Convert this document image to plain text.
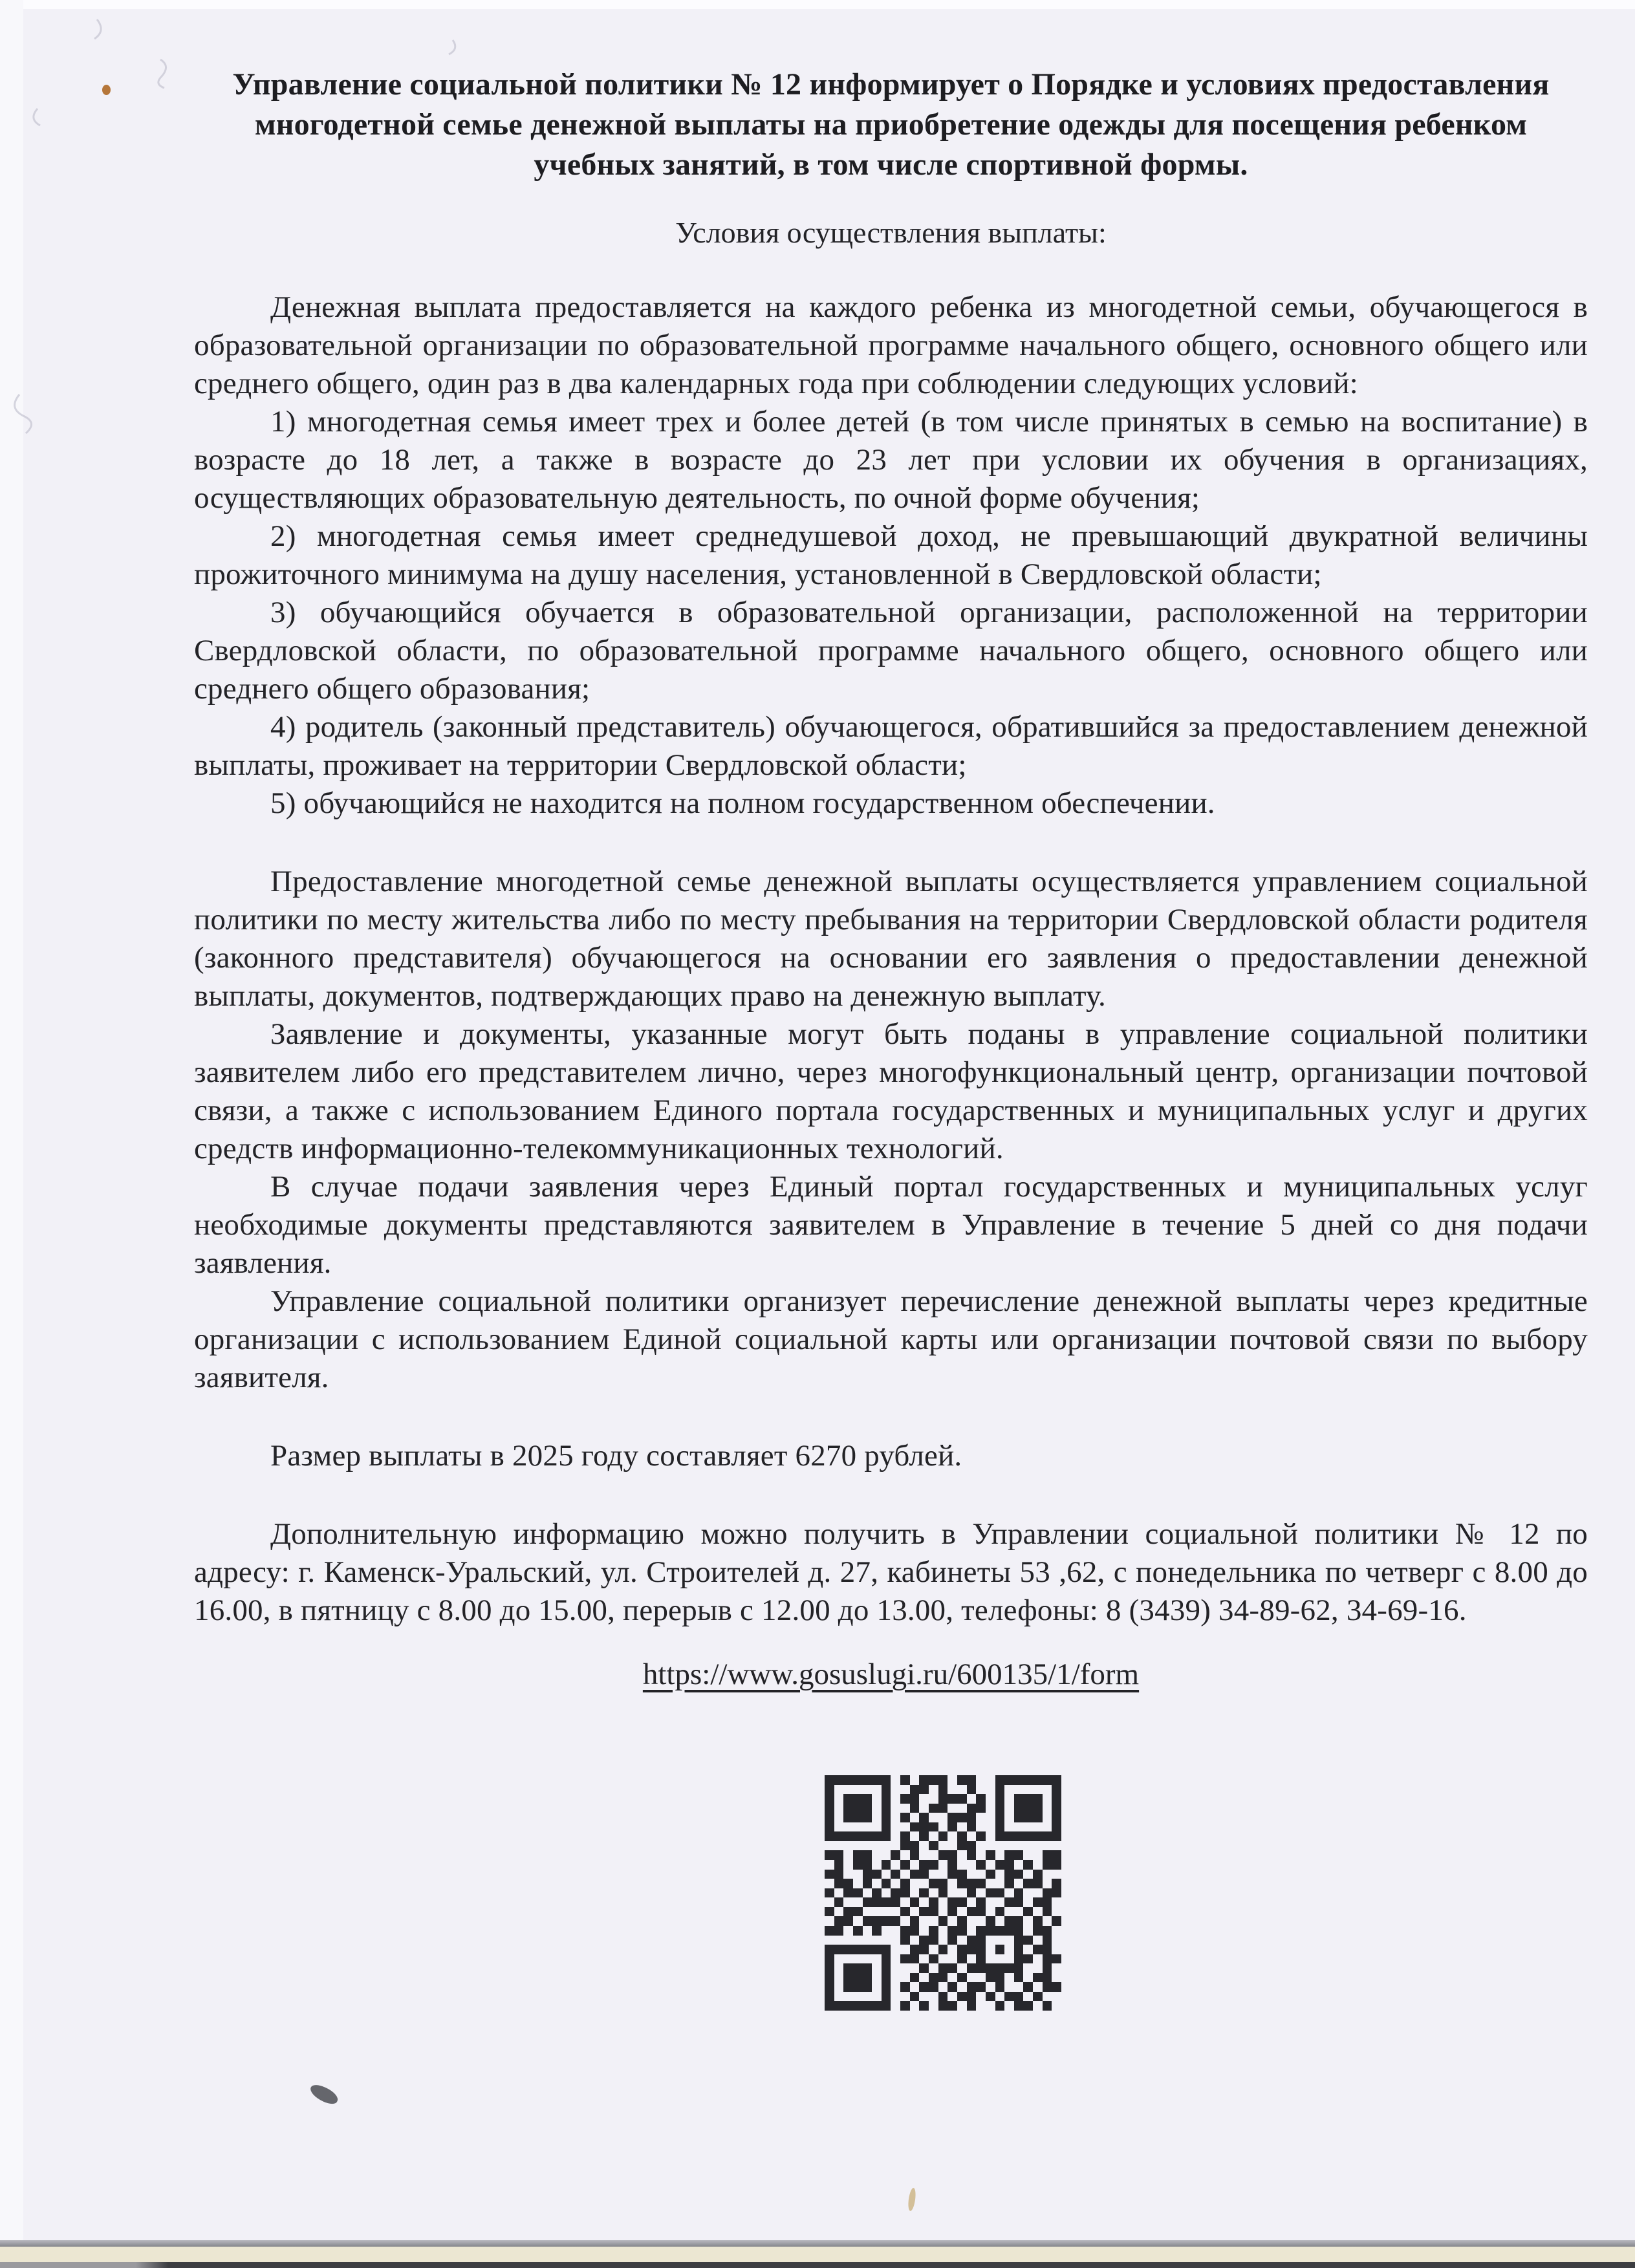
Управление социальной политики № 12 информирует о Порядке и условиях предоставления многодетной семье денежной выплаты на приобретение одежды для посещения ребенком учебных занятий, в том числе спортивной формы.
Условия осуществления выплаты:

Денежная выплата предоставляется на каждого ребенка из многодетной семьи, обучающегося в образовательной организации по образовательной программе начального общего, основного общего или среднего общего, один раз в два календарных года при соблюдении следующих условий:

1) многодетная семья имеет трех и более детей (в том числе принятых в семью на воспитание) в возрасте до 18 лет, а также в возрасте до 23 лет при условии их обучения в организациях, осуществляющих образовательную деятельность, по очной форме обучения;

2) многодетная семья имеет среднедушевой доход, не превышающий двукратной величины прожиточного минимума на душу населения, установленной в Свердловской области;

3) обучающийся обучается в образовательной организации, расположенной на территории Свердловской области, по образовательной программе начального общего, основного общего или среднего общего образования;

4) родитель (законный представитель) обучающегося, обратившийся за предоставлением денежной выплаты, проживает на территории Свердловской области;

5) обучающийся не находится на полном государственном обеспечении.

Предоставление многодетной семье денежной выплаты осуществляется управлением социальной политики по месту жительства либо по месту пребывания на территории Свердловской области родителя (законного представителя) обучающегося на основании его заявления о предоставлении денежной выплаты, документов, подтверждающих право на денежную выплату.

Заявление и документы, указанные могут быть поданы в управление социальной политики заявителем либо его представителем лично, через многофункциональный центр, организации почтовой связи, а также с использованием Единого портала государственных и муниципальных услуг и других средств информационно-телекоммуникационных технологий.

В случае подачи заявления через Единый портал государственных и муниципальных услуг необходимые документы представляются заявителем в Управление в течение 5 дней со дня подачи заявления.

Управление социальной политики организует перечисление денежной выплаты через кредитные организации с использованием Единой социальной карты или организации почтовой связи по выбору заявителя.

Размер выплаты в 2025 году составляет 6270 рублей.

Дополнительную информацию можно получить в Управлении социальной политики № 12 по адресу: г. Каменск-Уральский, ул. Строителей д. 27, кабинеты 53 ,62, с понедельника по четверг с 8.00 до 16.00, в пятницу с 8.00 до 15.00, перерыв с 12.00 до 13.00, телефоны: 8 (3439) 34-89-62, 34-69-16.

https://www.gosuslugi.ru/600135/1/form
